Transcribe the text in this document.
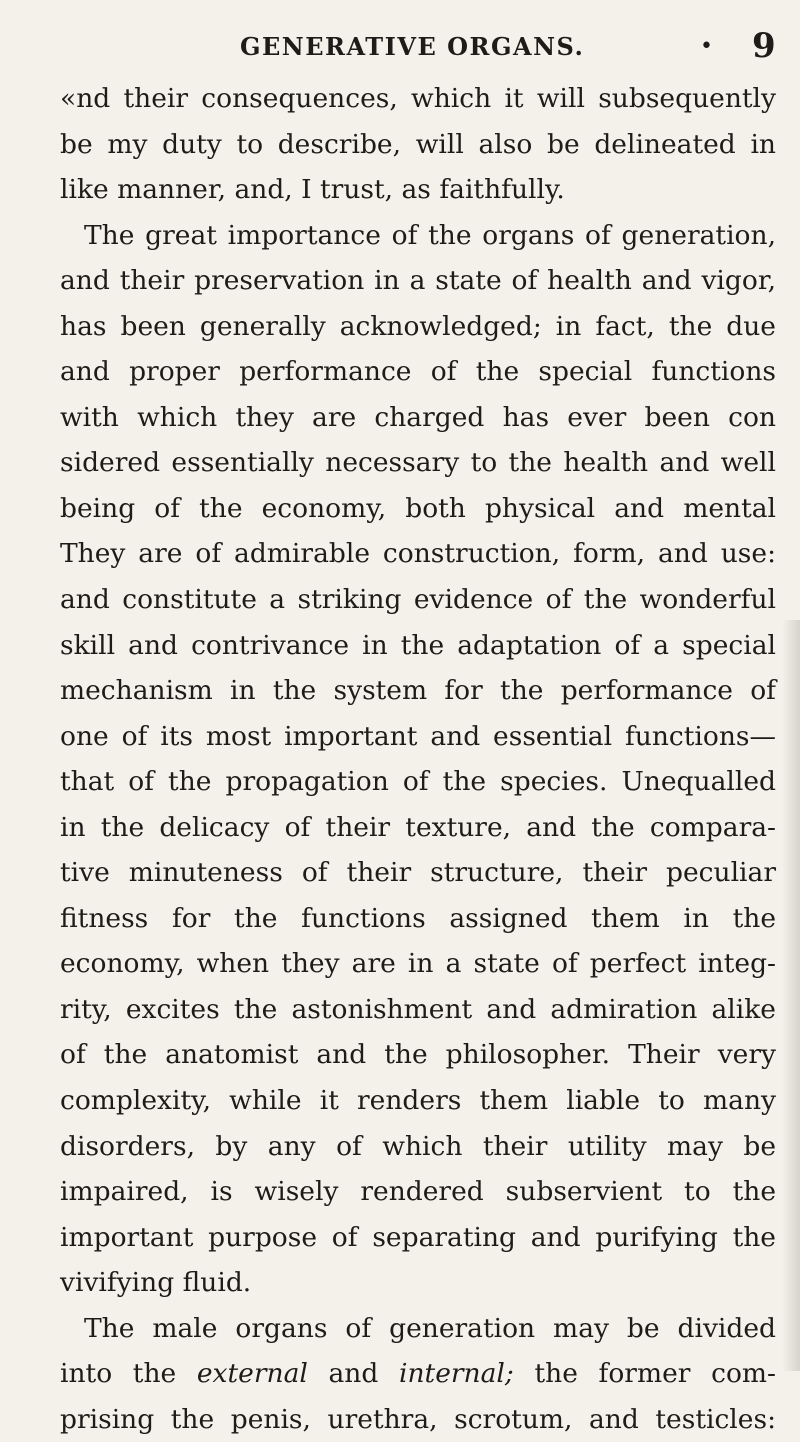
GENERATIVE ORGANS.	• 9
«nd their consequences, which it will subsequently
be my duty to describe, will also be delineated in
like manner, and, I trust, as faithfully.
The great importance of the organs of generation,
and their preservation in a state of health and vigor,
has been generally acknowledged; in fact, the due
and proper performance of the special functions
with which they are charged has ever been con
sidered essentially necessary to the health and well
being of the economy, both physical and mental
They are of admirable construction, form, and use:
and constitute a striking evidence of the wonderful
skill and contrivance in the adaptation of a special
mechanism in the system for the performance of
one of its most important and essential functions—
that of the propagation of the species. Unequalled
in the delicacy of their texture, and the compara-
tive minuteness of their structure, their peculiar
fitness for the functions assigned them in the
economy, when they are in a state of perfect integ-
rity, excites the astonishment and admiration alike
of the anatomist and the philosopher. Their very
complexity, while it renders them liable to many
disorders, by any of which their utility may be
impaired, is wisely rendered subservient to the
important purpose of separating and purifying the
vivifying fluid.
The male organs of generation may be divided
into the external and internal; the former com-
prising the penis, urethra, scrotum, and testicles:
